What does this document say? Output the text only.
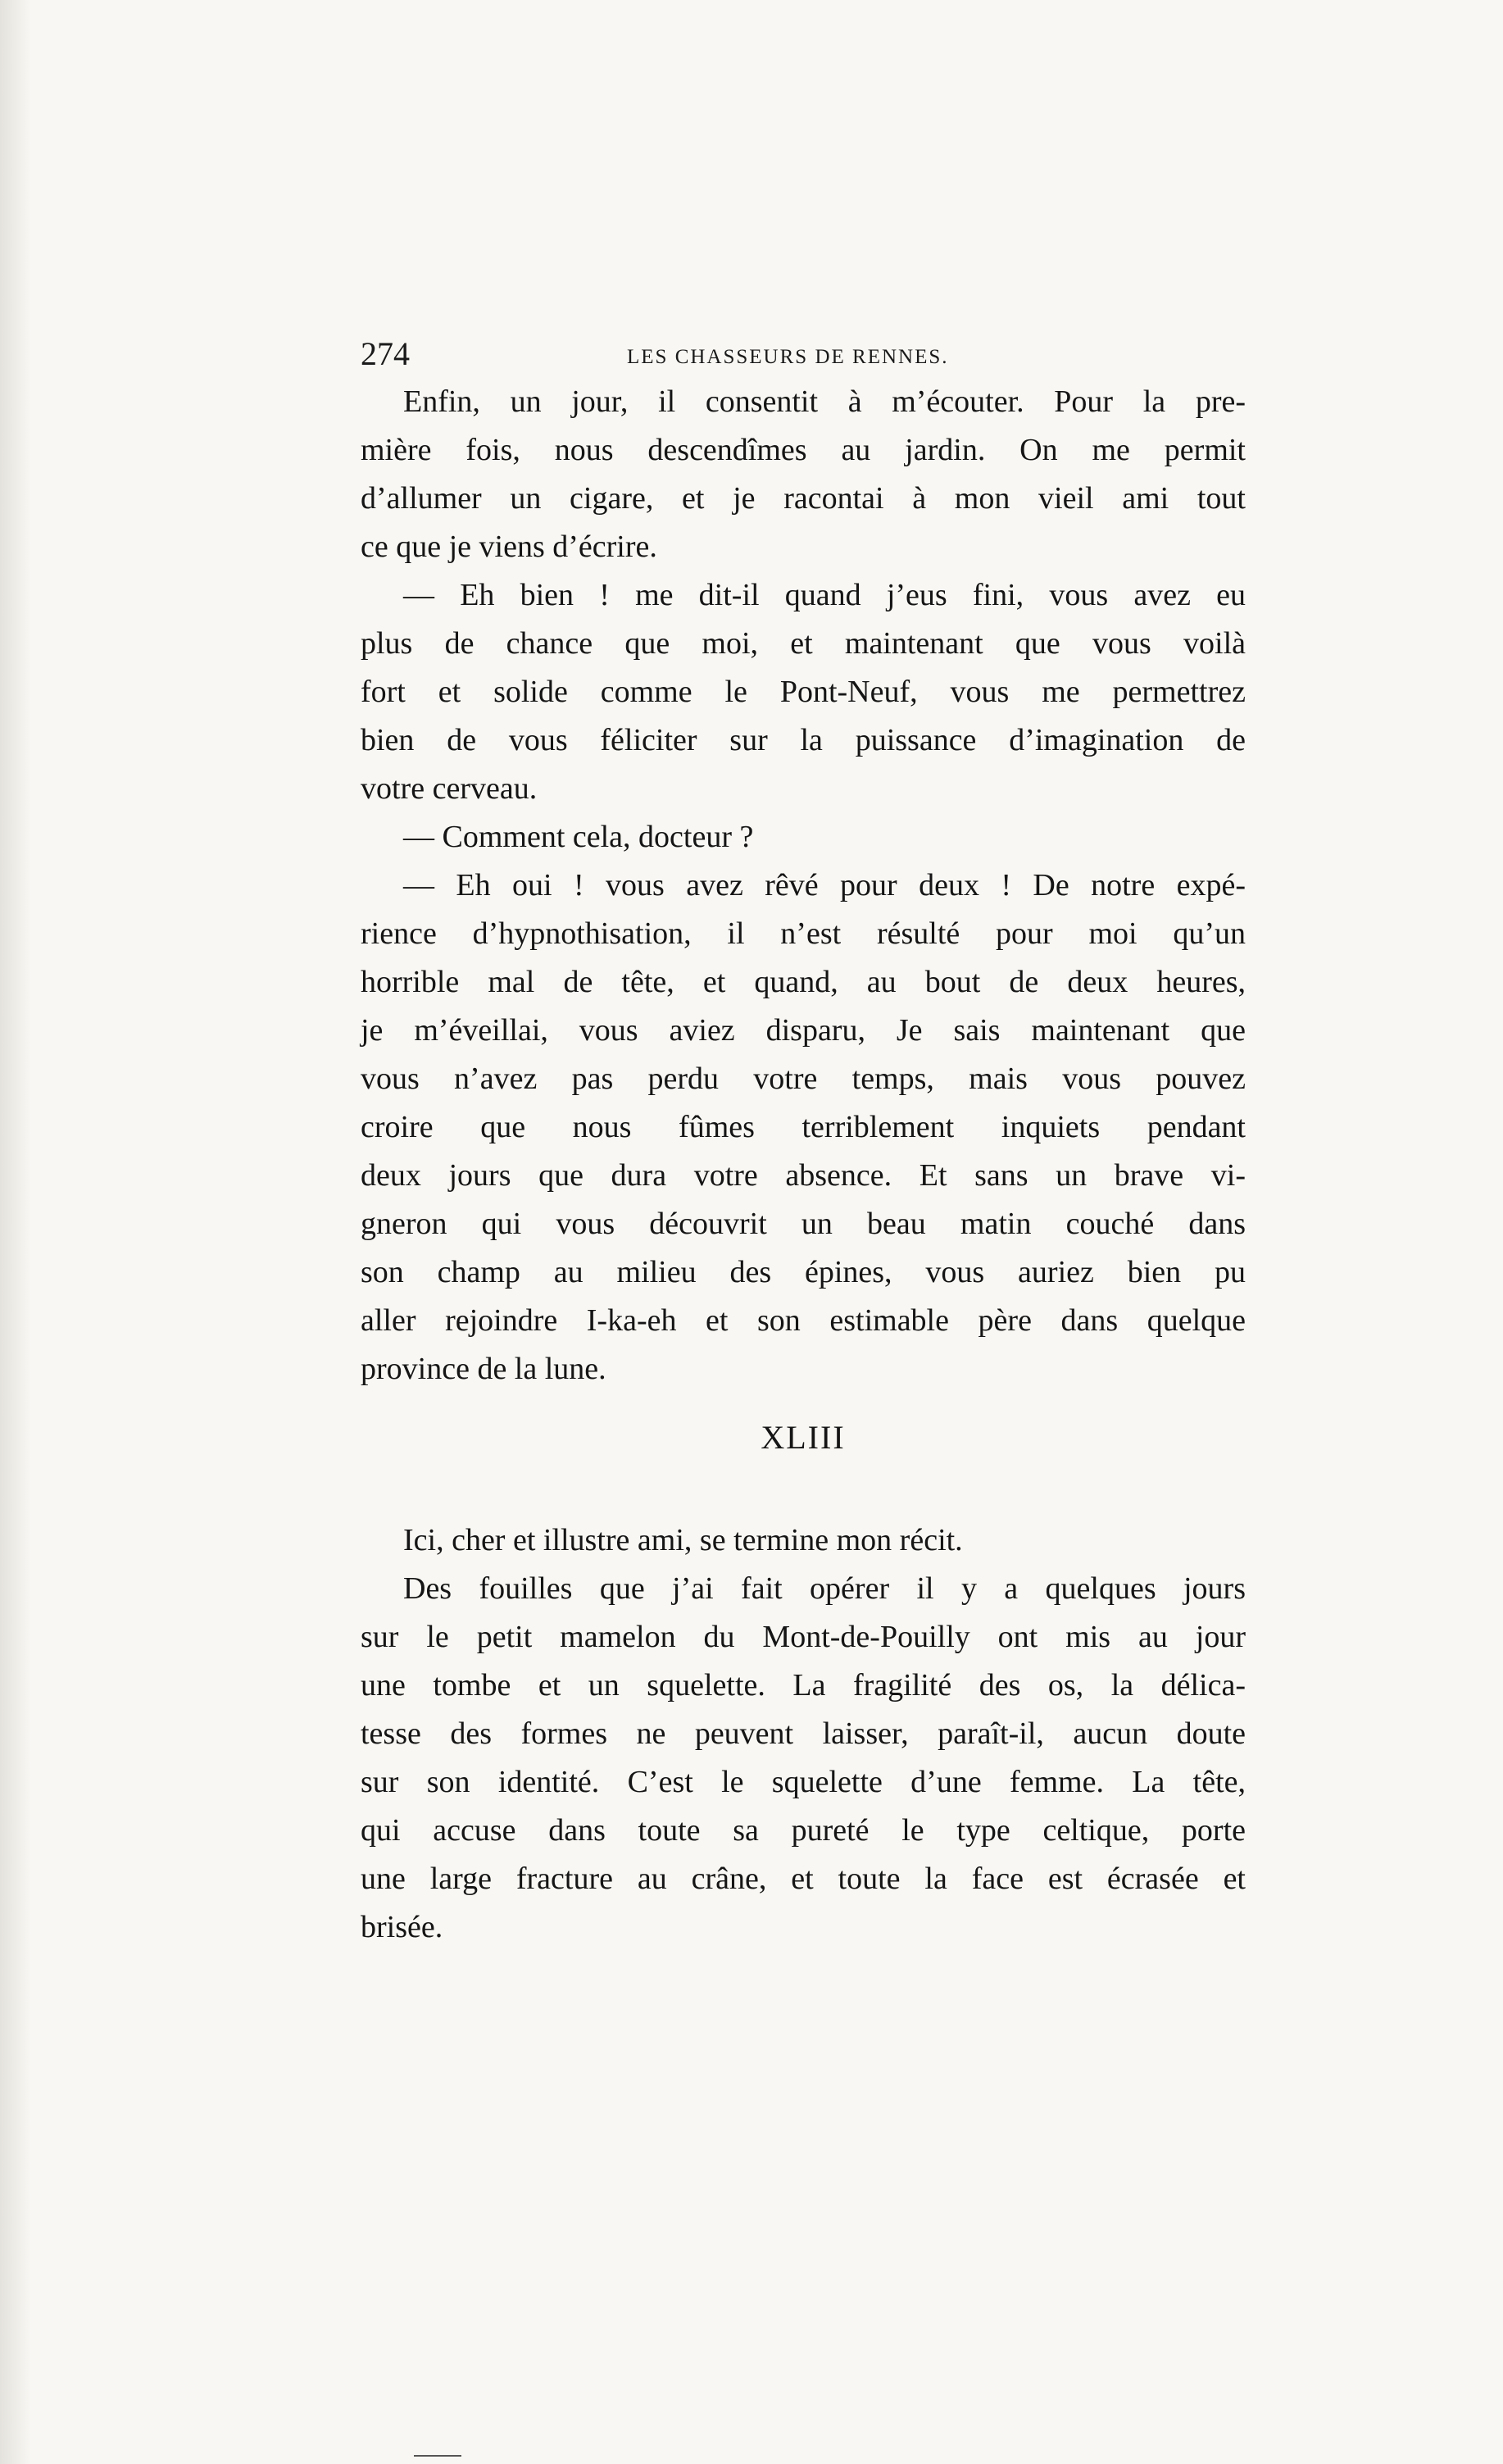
274	LES CHASSEURS DE RENNES.
Enfin, un jour, il consentit à m’écouter. Pour la pre-
mière fois, nous descendîmes au jardin. On me permit
d’allumer un cigare, et je racontai à mon vieil ami tout
ce que je viens d’écrire.
— Eh bien ! me dit-il quand j’eus fini, vous avez eu
plus de chance que moi, et maintenant que vous voilà
fort et solide comme le Pont-Neuf, vous me permettrez
bien de vous féliciter sur la puissance d’imagination de
votre cerveau.
— Comment cela, docteur ?
— Eh oui ! vous avez rêvé pour deux ! De notre expé-
rience d’hypnothisation, il n’est résulté pour moi qu’un
horrible mal de tête, et quand, au bout de deux heures,
je m’éveillai, vous aviez disparu, Je sais maintenant que
vous n’avez pas perdu votre temps, mais vous pouvez
croire que nous fûmes terriblement inquiets pendant
deux jours que dura votre absence. Et sans un brave vi-
gneron qui vous découvrit un beau matin couché dans
son champ au milieu des épines, vous auriez bien pu
aller rejoindre I-ka-eh et son estimable père dans quelque
province de la lune.
XLIII
Ici, cher et illustre ami, se termine mon récit.
Des fouilles que j’ai fait opérer il y a quelques jours
sur le petit mamelon du Mont-de-Pouilly ont mis au jour
une tombe et un squelette. La fragilité des os, la délica-
tesse des formes ne peuvent laisser, paraît-il, aucun doute
sur son identité. C’est le squelette d’une femme. La tête,
qui accuse dans toute sa pureté le type celtique, porte
une large fracture au crâne, et toute la face est écrasée et
brisée.
